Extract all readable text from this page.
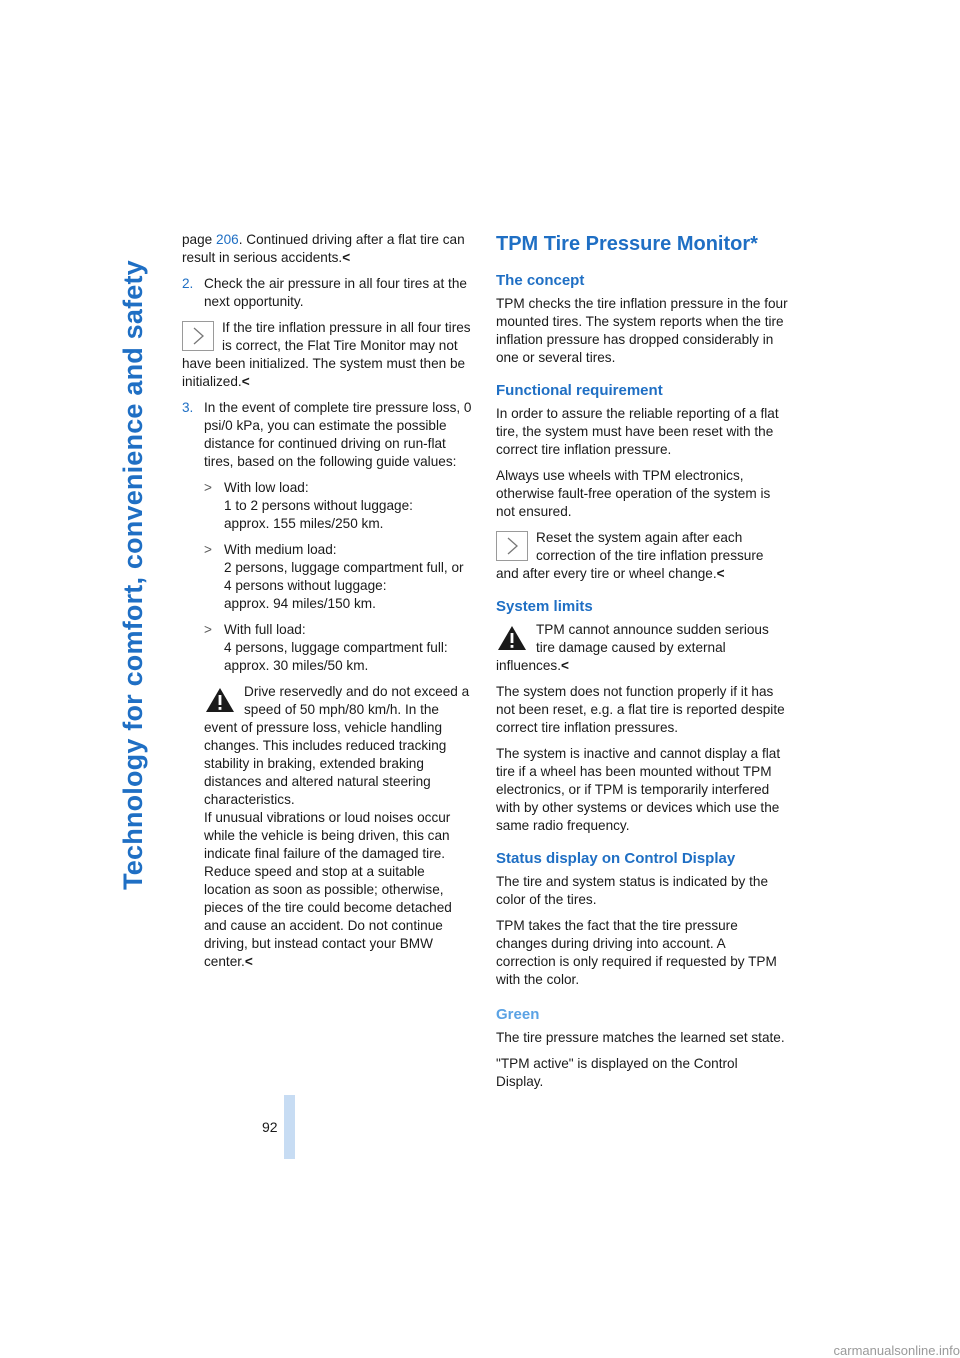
Technology for comfort, convenience and safety

page 206. Continued driving after a flat tire can result in serious accidents.<

2. Check the air pressure in all four tires at the next opportunity.
If the tire inflation pressure in all four tires is correct, the Flat Tire Monitor may not have been initialized. The system must then be initialized.<
3. In the event of complete tire pressure loss, 0 psi/0 kPa, you can estimate the possible distance for continued driving on run-flat tires, based on the following guide values:
> With low load:
1 to 2 persons without luggage:
approx. 155 miles/250 km.
> With medium load:
2 persons, luggage compartment full, or 4 persons without luggage:
approx. 94 miles/150 km.
> With full load:
4 persons, luggage compartment full:
approx. 30 miles/50 km.
Drive reservedly and do not exceed a speed of 50 mph/80 km/h. In the event of pressure loss, vehicle handling changes. This includes reduced tracking stability in braking, extended braking distances and altered natural steering characteristics.
If unusual vibrations or loud noises occur while the vehicle is being driven, this can indicate final failure of the damaged tire. Reduce speed and stop at a suitable location as soon as possible; otherwise, pieces of the tire could become detached and cause an accident. Do not continue driving, but instead contact your BMW center.<
TPM Tire Pressure Monitor*
The concept

TPM checks the tire inflation pressure in the four mounted tires. The system reports when the tire inflation pressure has dropped considerably in one or several tires.

Functional requirement

In order to assure the reliable reporting of a flat tire, the system must have been reset with the correct tire inflation pressure.

Always use wheels with TPM electronics, otherwise fault-free operation of the system is not ensured.

Reset the system again after each correction of the tire inflation pressure and after every tire or wheel change.<
System limits
TPM cannot announce sudden serious tire damage caused by external influences.<

The system does not function properly if it has not been reset, e.g. a flat tire is reported despite correct tire inflation pressures.

The system is inactive and cannot display a flat tire if a wheel has been mounted without TPM electronics, or if TPM is temporarily interfered with by other systems or devices which use the same radio frequency.

Status display on Control Display

The tire and system status is indicated by the color of the tires.

TPM takes the fact that the tire pressure changes during driving into account. A correction is only required if requested by TPM with the color.

Green

The tire pressure matches the learned set state.

"TPM active" is displayed on the Control Display.

92
carmanualsonline.info
